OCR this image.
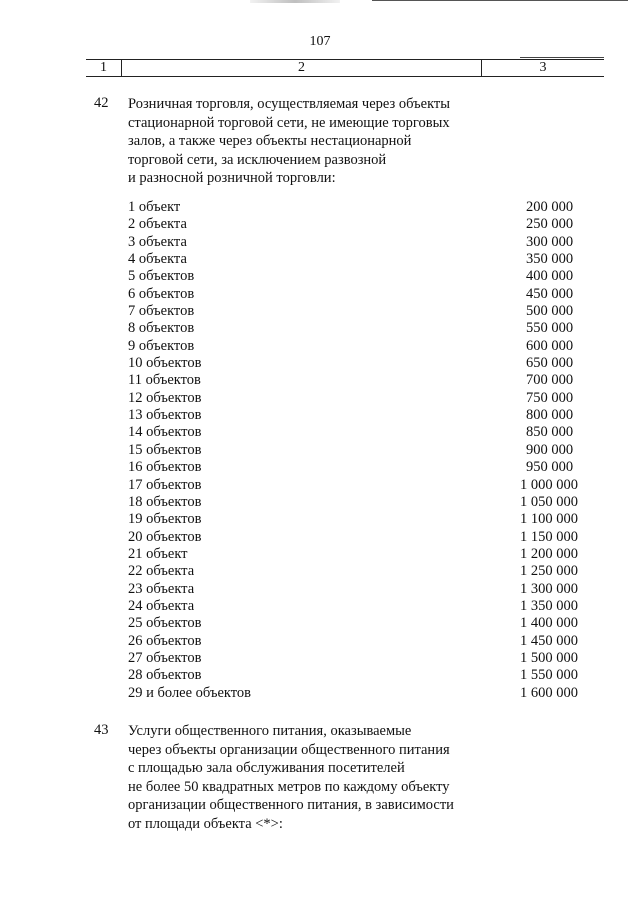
107
1	2	3
42	Розничная торговля, осуществляемая через объекты
стационарной торговой сети, не имеющие торговых
залов, а также через объекты нестационарной
торговой сети, за исключением развозной
и разносной розничной торговли:
1 объект	200 000
2 объекта	250 000
3 объекта	300 000
4 объекта	350 000
5 объектов	400 000
6 объектов	450 000
7 объектов	500 000
8 объектов	550 000
9 объектов	600 000
10 объектов	650 000
11 объектов	700 000
12 объектов	750 000
13 объектов	800 000
14 объектов	850 000
15 объектов	900 000
16 объектов	950 000
17 объектов	1 000 000
18 объектов	1 050 000
19 объектов	1 100 000
20 объектов	1 150 000
21 объект	1 200 000
22 объекта	1 250 000
23 объекта	1 300 000
24 объекта	1 350 000
25 объектов	1 400 000
26 объектов	1 450 000
27 объектов	1 500 000
28 объектов	1 550 000
29 и более объектов	1 600 000
43	Услуги общественного питания, оказываемые
через объекты организации общественного питания
с площадью зала обслуживания посетителей
не более 50 квадратных метров по каждому объекту
организации общественного питания, в зависимости
от площади объекта <*>:
